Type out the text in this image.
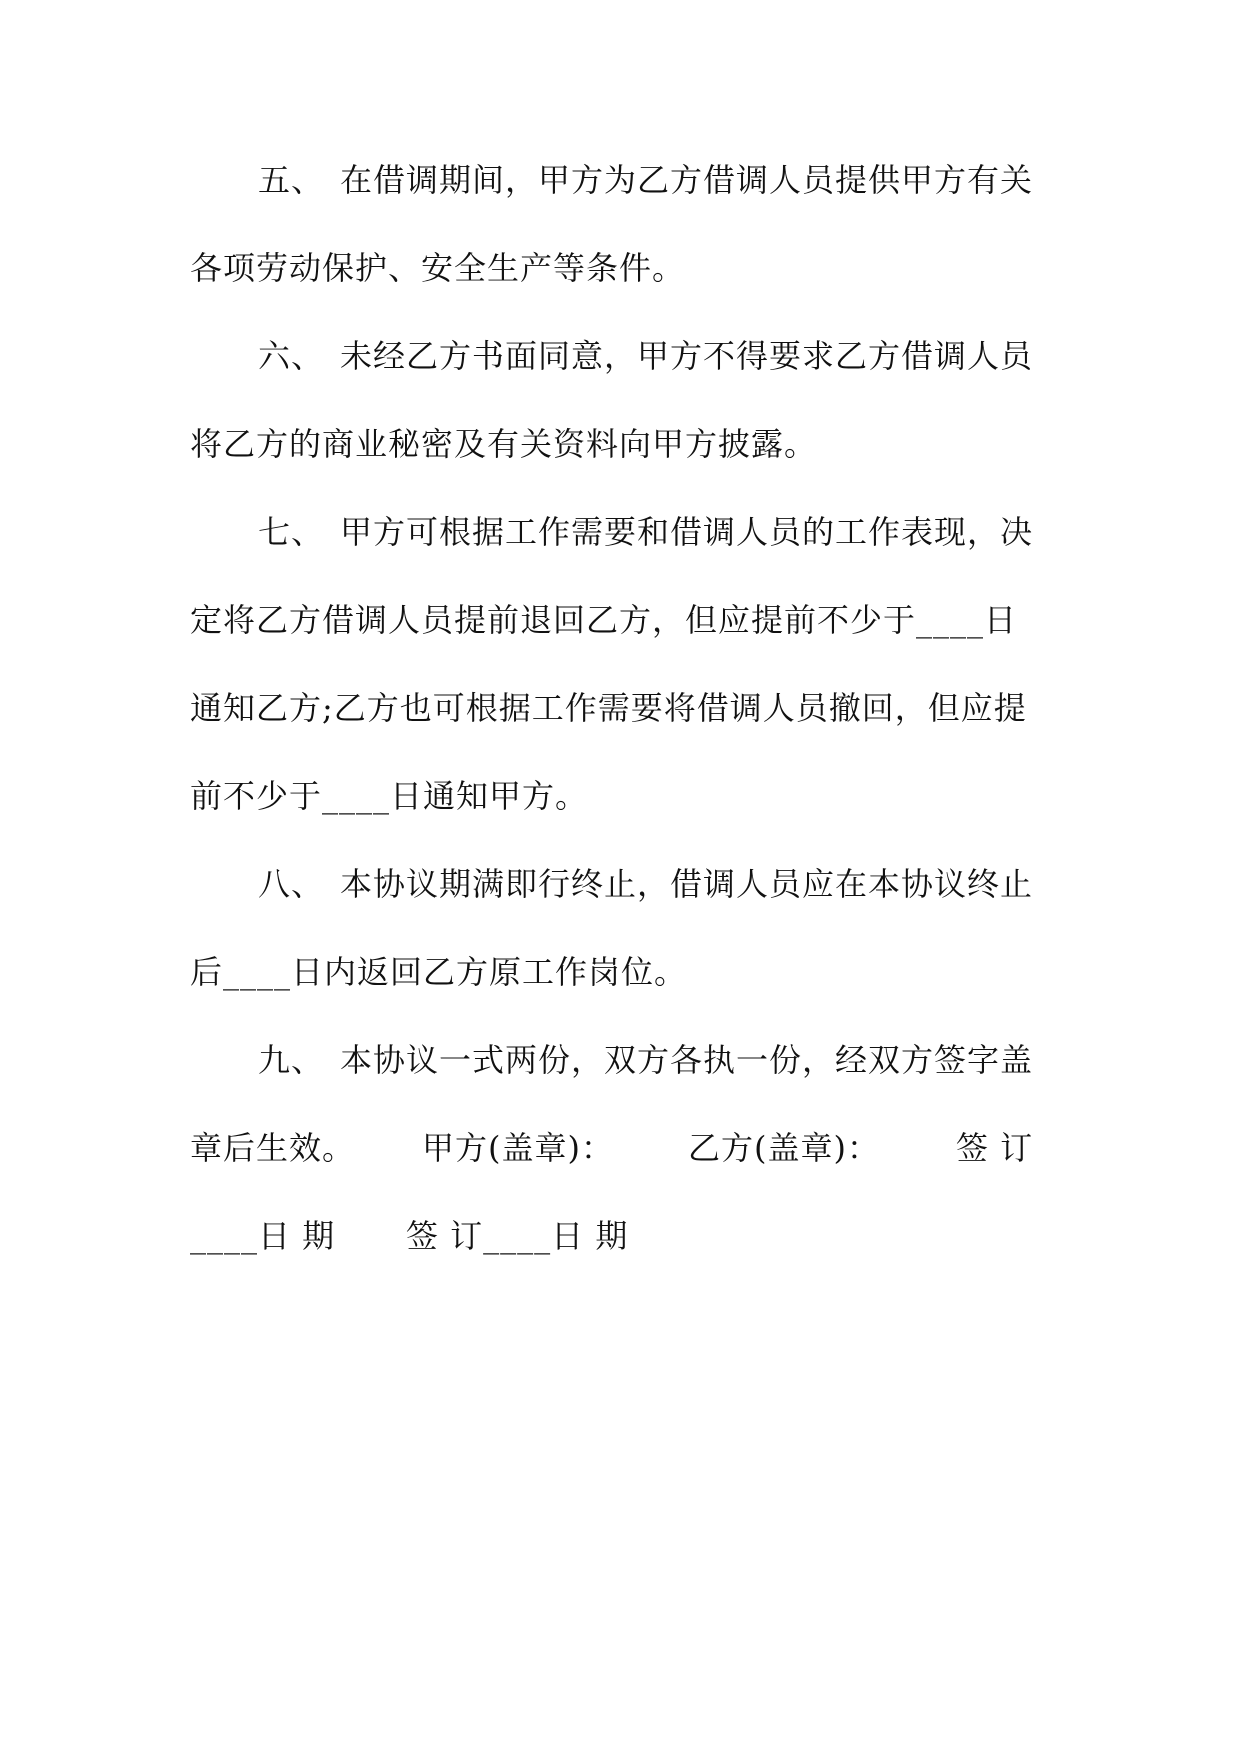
五、 在借调期间，甲方为乙方借调人员提供甲方有关
各项劳动保护、安全生产等条件。
六、 未经乙方书面同意，甲方不得要求乙方借调人员
将乙方的商业秘密及有关资料向甲方披露。
七、 甲方可根据工作需要和借调人员的工作表现，决
定将乙方借调人员提前退回乙方，但应提前不少于____日
通知乙方;乙方也可根据工作需要将借调人员撤回，但应提
前不少于____日通知甲方。
八、 本协议期满即行终止，借调人员应在本协议终止
后____日内返回乙方原工作岗位。
九、 本协议一式两份，双方各执一份，经双方签字盖
章后生效。 甲方(盖章)： 乙方(盖章)： 签 订
____日 期 签 订____日 期
